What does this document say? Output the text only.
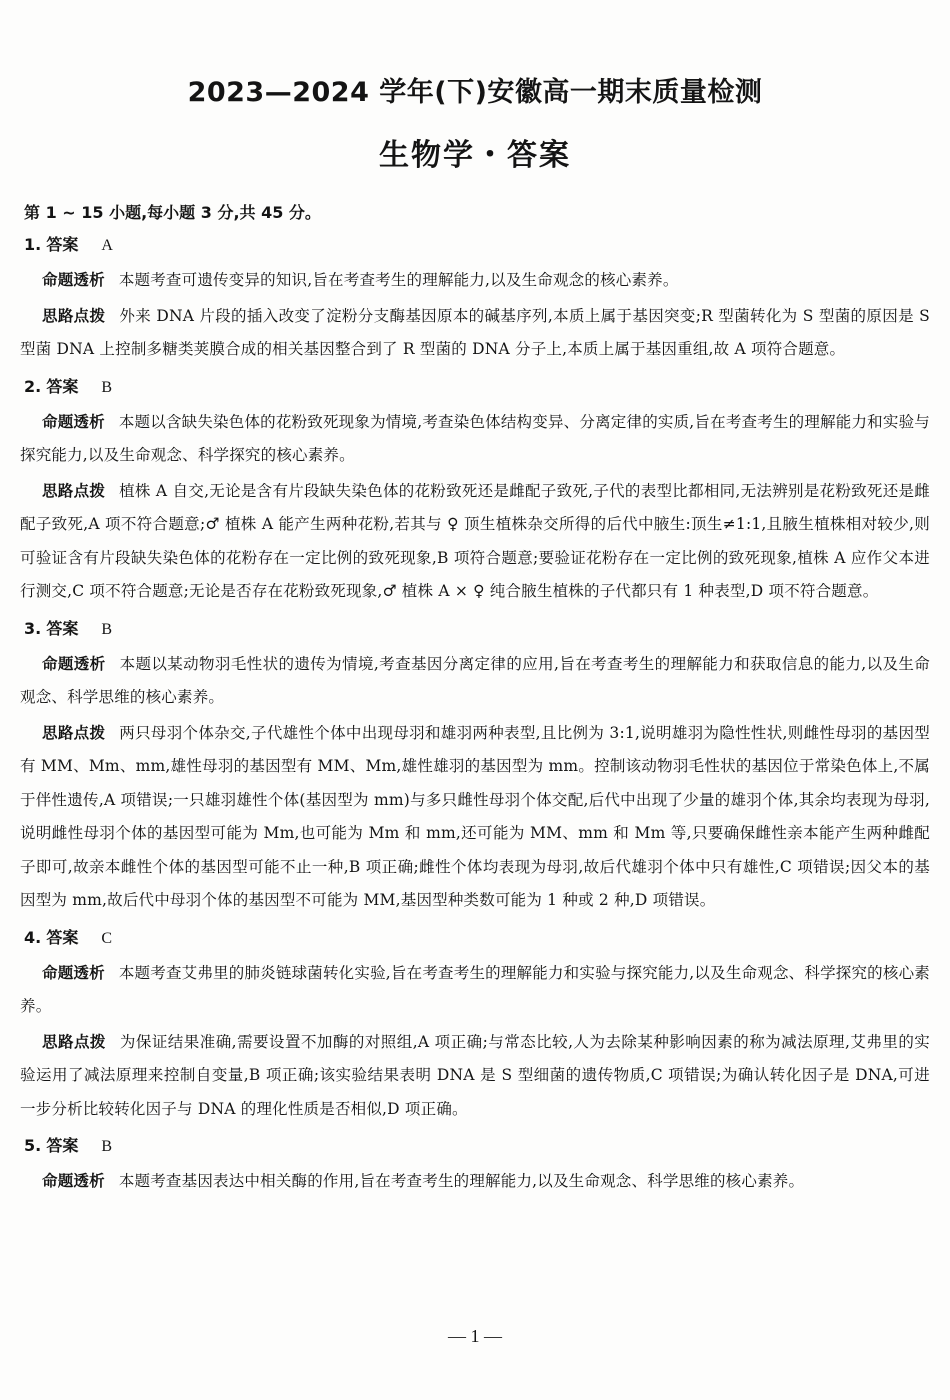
2023—2024 学年(下)安徽高一期末质量检测
生物学・答案
第 1 ~ 15 小题,每小题 3 分,共 45 分。
1. 答案 A

命题透析 本题考查可遗传变异的知识,旨在考查考生的理解能力,以及生命观念的核心素养。

思路点拨 外来 DNA 片段的插入改变了淀粉分支酶基因原本的碱基序列,本质上属于基因突变;R 型菌转化为 S 型菌的原因是 S 型菌 DNA 上控制多糖类荚膜合成的相关基因整合到了 R 型菌的 DNA 分子上,本质上属于基因重组,故 A 项符合题意。

2. 答案 B

命题透析 本题以含缺失染色体的花粉致死现象为情境,考查染色体结构变异、分离定律的实质,旨在考查考生的理解能力和实验与探究能力,以及生命观念、科学探究的核心素养。

思路点拨 植株 A 自交,无论是含有片段缺失染色体的花粉致死还是雌配子致死,子代的表型比都相同,无法辨别是花粉致死还是雌配子致死,A 项不符合题意;♂ 植株 A 能产生两种花粉,若其与 ♀ 顶生植株杂交所得的后代中腋生:顶生≠1:1,且腋生植株相对较少,则可验证含有片段缺失染色体的花粉存在一定比例的致死现象,B 项符合题意;要验证花粉存在一定比例的致死现象,植株 A 应作父本进行测交,C 项不符合题意;无论是否存在花粉致死现象,♂ 植株 A × ♀ 纯合腋生植株的子代都只有 1 种表型,D 项不符合题意。

3. 答案 B

命题透析 本题以某动物羽毛性状的遗传为情境,考查基因分离定律的应用,旨在考查考生的理解能力和获取信息的能力,以及生命观念、科学思维的核心素养。

思路点拨 两只母羽个体杂交,子代雄性个体中出现母羽和雄羽两种表型,且比例为 3:1,说明雄羽为隐性性状,则雌性母羽的基因型有 MM、Mm、mm,雄性母羽的基因型有 MM、Mm,雄性雄羽的基因型为 mm。控制该动物羽毛性状的基因位于常染色体上,不属于伴性遗传,A 项错误;一只雄羽雄性个体(基因型为 mm)与多只雌性母羽个体交配,后代中出现了少量的雄羽个体,其余均表现为母羽,说明雌性母羽个体的基因型可能为 Mm,也可能为 Mm 和 mm,还可能为 MM、mm 和 Mm 等,只要确保雌性亲本能产生两种雌配子即可,故亲本雌性个体的基因型可能不止一种,B 项正确;雌性个体均表现为母羽,故后代雄羽个体中只有雄性,C 项错误;因父本的基因型为 mm,故后代中母羽个体的基因型不可能为 MM,基因型种类数可能为 1 种或 2 种,D 项错误。

4. 答案 C

命题透析 本题考查艾弗里的肺炎链球菌转化实验,旨在考查考生的理解能力和实验与探究能力,以及生命观念、科学探究的核心素养。

思路点拨 为保证结果准确,需要设置不加酶的对照组,A 项正确;与常态比较,人为去除某种影响因素的称为减法原理,艾弗里的实验运用了减法原理来控制自变量,B 项正确;该实验结果表明 DNA 是 S 型细菌的遗传物质,C 项错误;为确认转化因子是 DNA,可进一步分析比较转化因子与 DNA 的理化性质是否相似,D 项正确。

5. 答案 B

命题透析 本题考查基因表达中相关酶的作用,旨在考查考生的理解能力,以及生命观念、科学思维的核心素养。

— 1 —
